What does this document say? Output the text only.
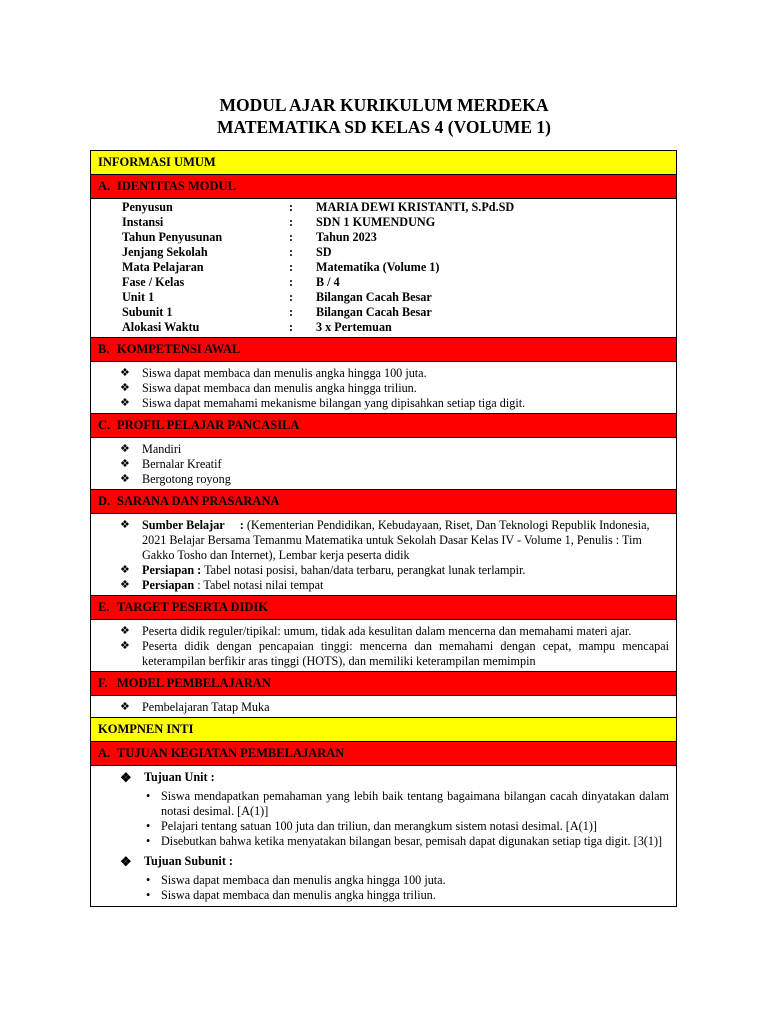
MODUL AJAR KURIKULUM MERDEKA
MATEMATIKA SD KELAS 4 (VOLUME 1)
INFORMASI UMUM
A. IDENTITAS MODUL
Penyusun	:	MARIA DEWI KRISTANTI, S.Pd.SD
Instansi	:	SDN 1 KUMENDUNG
Tahun Penyusunan	:	Tahun 2023
Jenjang Sekolah	:	SD
Mata Pelajaran	:	Matematika (Volume 1)
Fase / Kelas	:	B / 4
Unit 1	:	Bilangan Cacah Besar
Subunit 1	:	Bilangan Cacah Besar
Alokasi Waktu	:	3 x Pertemuan
B. KOMPETENSI AWAL
❖ Siswa dapat membaca dan menulis angka hingga 100 juta.
❖ Siswa dapat membaca dan menulis angka hingga triliun.
❖ Siswa dapat memahami mekanisme bilangan yang dipisahkan setiap tiga digit.
C. PROFIL PELAJAR PANCASILA
❖ Mandiri
❖ Bernalar Kreatif
❖ Bergotong royong
D. SARANA DAN PRASARANA
❖ Sumber Belajar     : (Kementerian Pendidikan, Kebudayaan, Riset, Dan Teknologi Republik Indonesia, 2021 Belajar Bersama Temanmu Matematika untuk Sekolah Dasar Kelas IV - Volume 1, Penulis : Tim Gakko Tosho dan Internet), Lembar kerja peserta didik
❖ Persiapan : Tabel notasi posisi, bahan/data terbaru, perangkat lunak terlampir.
❖ Persiapan : Tabel notasi nilai tempat
E. TARGET PESERTA DIDIK
❖ Peserta didik reguler/tipikal: umum, tidak ada kesulitan dalam mencerna dan memahami materi ajar.
❖ Peserta didik dengan pencapaian tinggi: mencerna dan memahami dengan cepat, mampu mencapai keterampilan berfikir aras tinggi (HOTS), dan memiliki keterampilan memimpin
F. MODEL PEMBELAJARAN
❖ Pembelajaran Tatap Muka
KOMPNEN INTI
A. TUJUAN KEGIATAN PEMBELAJARAN
❖ Tujuan Unit :
• Siswa mendapatkan pemahaman yang lebih baik tentang bagaimana bilangan cacah dinyatakan dalam notasi desimal. [A(1)]
• Pelajari tentang satuan 100 juta dan triliun, dan merangkum sistem notasi desimal. [A(1)]
• Disebutkan bahwa ketika menyatakan bilangan besar, pemisah dapat digunakan setiap tiga digit. [3(1)]
❖ Tujuan Subunit :
• Siswa dapat membaca dan menulis angka hingga 100 juta.
• Siswa dapat membaca dan menulis angka hingga triliun.
